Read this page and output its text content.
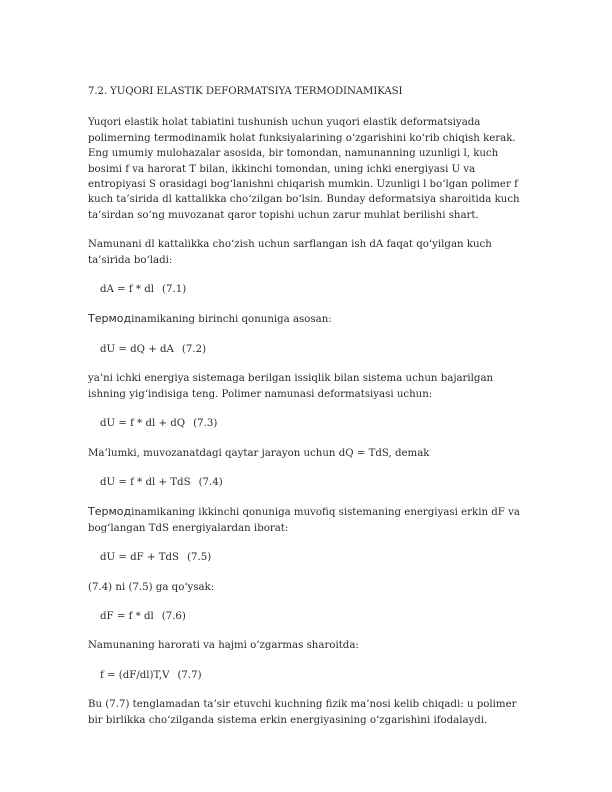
7.2. YUQORI ELASTIK DEFORMATSIYA TERMODINAMIKASI

Yuqori elastik holat tabiatini tushunish uchun yuqori elastik deformatsiyada polimerning termodinamik holat funksiyalarining o‘zgarishini ko‘rib chiqish kerak. Eng umumiy mulohazalar asosida, bir tomondan, namunanning uzunligi l, kuch bosimi f va harorat T bilan, ikkinchi tomondan, uning ichki energiyasi U va entropiyasi S orasidagi bog‘lanishni chiqarish mumkin. Uzunligi l bo‘lgan polimer f kuch ta’sirida dl kattalikka cho‘zilgan bo‘lsin. Bunday deformatsiya sharoitida kuch ta’sirdan so‘ng muvozanat qaror topishi uchun zarur muhlat berilishi shart.

Namunani dl kattalikka cho‘zish uchun sarflangan ish dA faqat qo‘yilgan kuch ta’sirida bo‘ladi:

dA = f * dl (7.1)

Термодinamikaning birinchi qonuniga asosan:

dU = dQ + dA (7.2)

ya’ni ichki energiya sistemaga berilgan issiqlik bilan sistema uchun bajarilgan ishning yig‘indisiga teng. Polimer namunasi deformatsiyasi uchun:

dU = f * dl + dQ (7.3)

Ma’lumki, muvozanatdagi qaytar jarayon uchun dQ = TdS, demak

dU = f * dl + TdS (7.4)

Термодinamikaning ikkinchi qonuniga muvofiq sistemaning energiyasi erkin dF va bog‘langan TdS energiyalardan iborat:

dU = dF + TdS (7.5)

(7.4) ni (7.5) ga qo‘ysak:

dF = f * dl (7.6)

Namunaning harorati va hajmi o‘zgarmas sharoitda:

f = (dF/dl)T,V (7.7)

Bu (7.7) tenglamadan ta’sir etuvchi kuchning fizik ma’nosi kelib chiqadi: u polimer bir birlikka cho‘zilganda sistema erkin energiyasining o‘zgarishini ifodalaydi.
